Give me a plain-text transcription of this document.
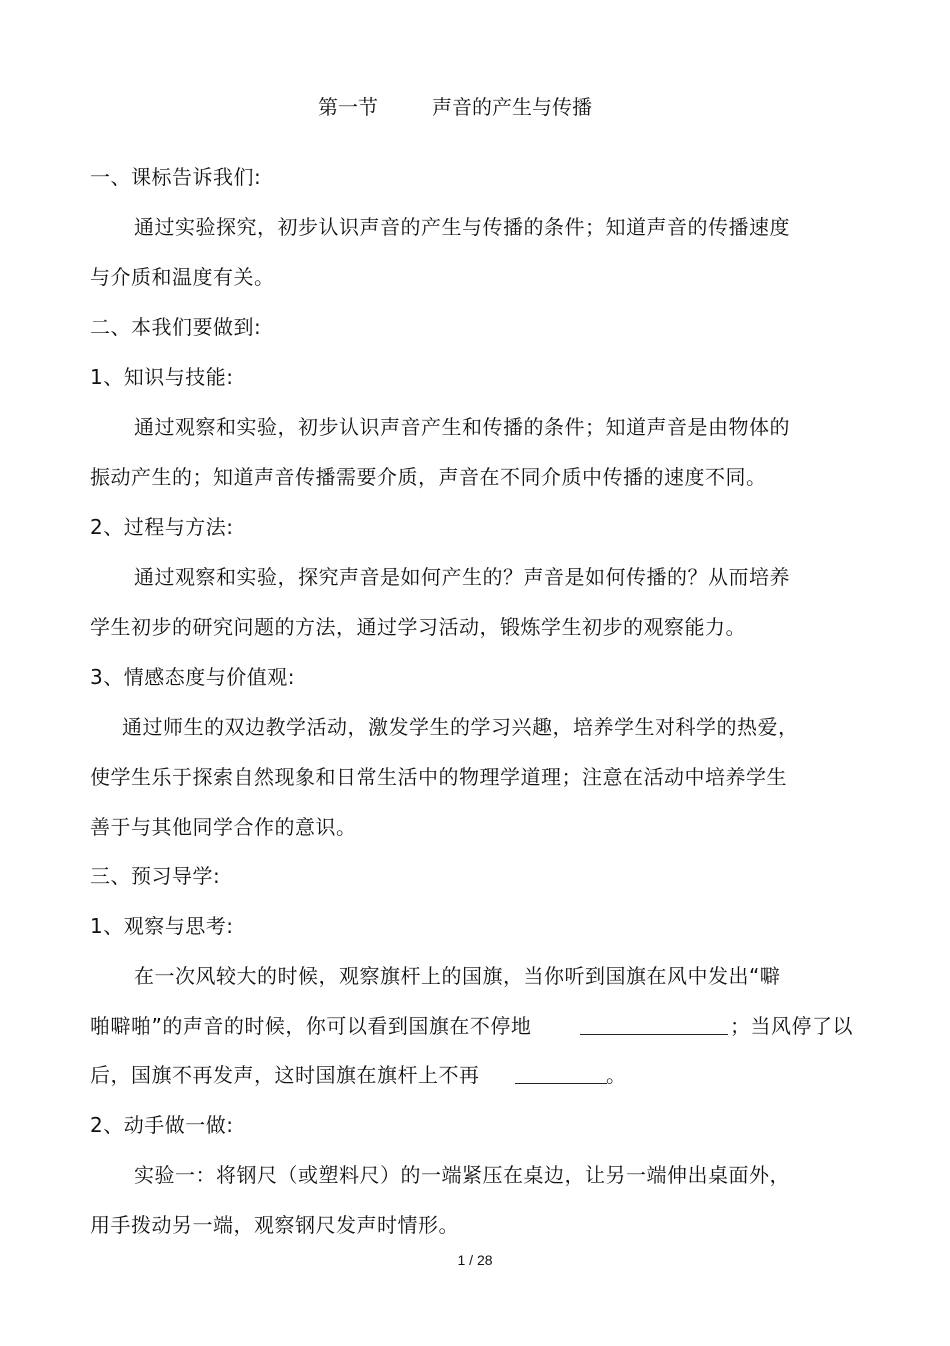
第一节	声音的产生与传播
一、课标告诉我们:
通过实验探究，初步认识声音的产生与传播的条件；知道声音的传播速度
与介质和温度有关。
二、本我们要做到:
1、知识与技能:
通过观察和实验，初步认识声音产生和传播的条件；知道声音是由物体的
振动产生的；知道声音传播需要介质，声音在不同介质中传播的速度不同。
2、过程与方法:
通过观察和实验，探究声音是如何产生的？声音是如何传播的？从而培养
学生初步的研究问题的方法，通过学习活动，锻炼学生初步的观察能力。
3、情感态度与价值观:
通过师生的双边教学活动，激发学生的学习兴趣，培养学生对科学的热爱，
使学生乐于探索自然现象和日常生活中的物理学道理；注意在活动中培养学生
善于与其他同学合作的意识。
三、预习导学:
1、观察与思考:
在一次风较大的时候，观察旗杆上的国旗，当你听到国旗在风中发出“噼
啪噼啪”的声音的时候，你可以看到国旗在不停地	；当风停了以
后，国旗不再发声，这时国旗在旗杆上不再	。
2、动手做一做:
实验一：将钢尺（或塑料尺）的一端紧压在桌边，让另一端伸出桌面外，
用手拨动另一端，观察钢尺发声时情形。
1 / 28
